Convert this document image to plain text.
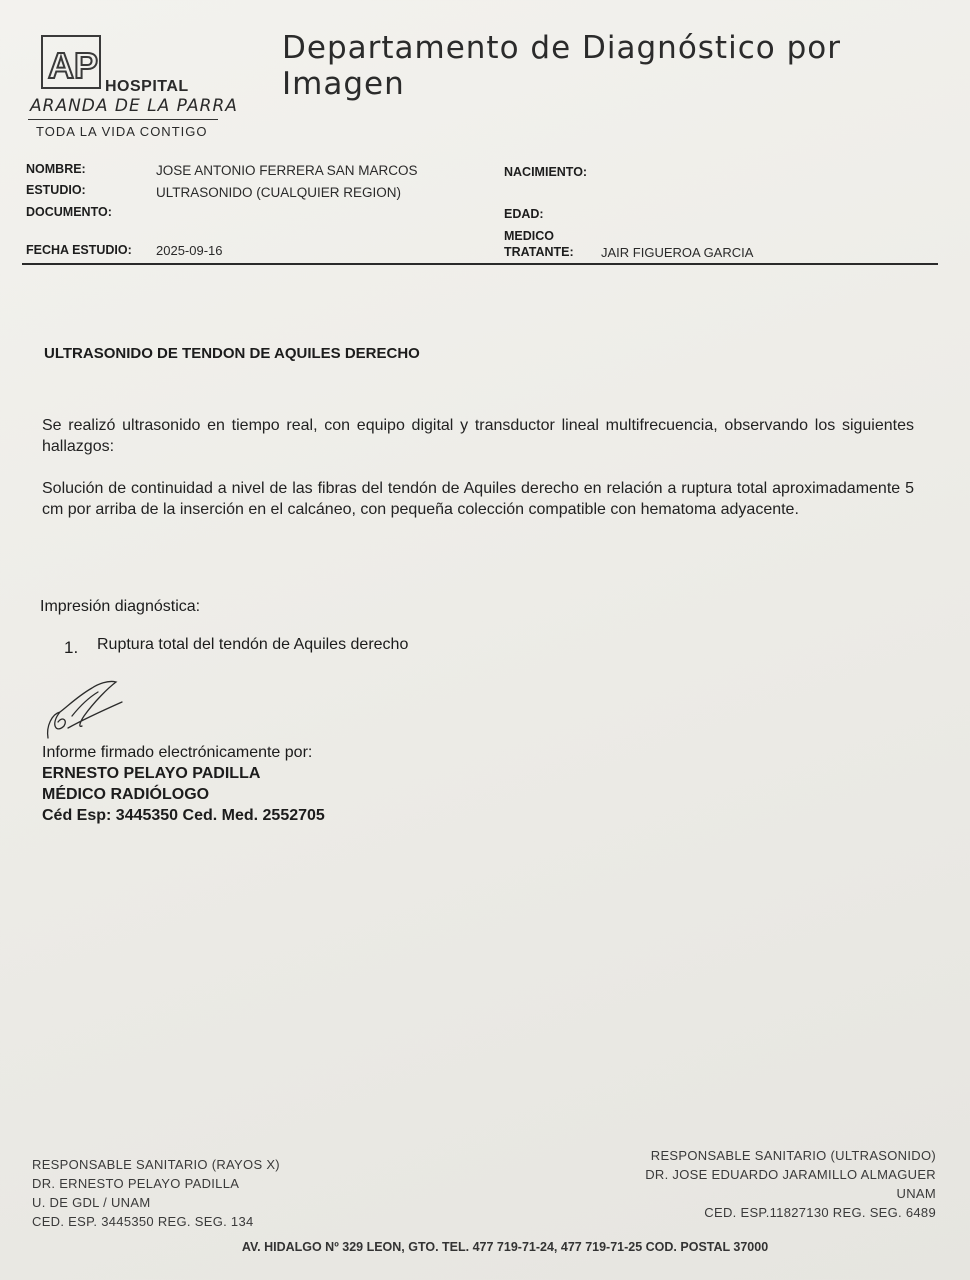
AP
HOSPITAL
ARANDA DE LA PARRA
TODA LA VIDA CONTIGO
Departamento de Diagnóstico por Imagen
NOMBRE:	JOSE ANTONIO FERRERA SAN MARCOS
ESTUDIO:	ULTRASONIDO (CUALQUIER REGION)
DOCUMENTO:
FECHA ESTUDIO: 2025-09-16
NACIMIENTO:
EDAD:
MEDICO
TRATANTE: JAIR FIGUEROA GARCIA
ULTRASONIDO DE TENDON DE AQUILES DERECHO
Se realizó ultrasonido en tiempo real, con equipo digital y transductor lineal multifrecuencia, observando los siguientes hallazgos:
Solución de continuidad a nivel de las fibras del tendón de Aquiles derecho en relación a ruptura total aproximadamente 5 cm por arriba de la inserción en el calcáneo, con pequeña colección compatible con hematoma adyacente.
Impresión diagnóstica:
1. Ruptura total del tendón de Aquiles derecho
Informe firmado electrónicamente por:
ERNESTO PELAYO PADILLA
MÉDICO RADIÓLOGO
Céd Esp: 3445350 Ced. Med. 2552705
RESPONSABLE SANITARIO (RAYOS X)
DR. ERNESTO PELAYO PADILLA
U. DE GDL / UNAM
CED. ESP. 3445350 REG. SEG. 134
RESPONSABLE SANITARIO (ULTRASONIDO)
DR. JOSE EDUARDO JARAMILLO ALMAGUER
UNAM
CED. ESP.11827130 REG. SEG. 6489
AV. HIDALGO Nº 329 LEON, GTO. TEL. 477 719-71-24, 477 719-71-25 COD. POSTAL 37000
